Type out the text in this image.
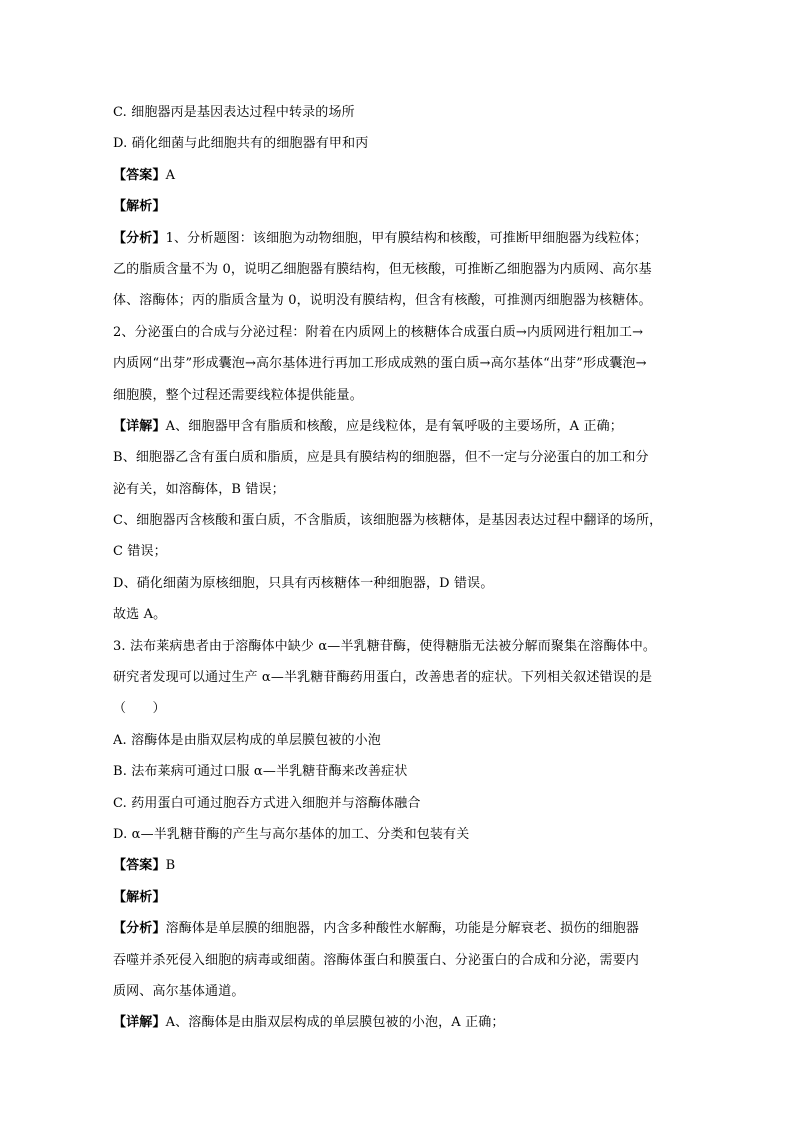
C. 细胞器丙是基因表达过程中转录的场所
D. 硝化细菌与此细胞共有的细胞器有甲和丙
【答案】A
【解析】
【分析】1、分析题图：该细胞为动物细胞，甲有膜结构和核酸，可推断甲细胞器为线粒体；
乙的脂质含量不为 0，说明乙细胞器有膜结构，但无核酸，可推断乙细胞器为内质网、高尔基
体、溶酶体；丙的脂质含量为 0，说明没有膜结构，但含有核酸，可推测丙细胞器为核糖体。
2、分泌蛋白的合成与分泌过程：附着在内质网上的核糖体合成蛋白质→内质网进行粗加工→
内质网“出芽”形成囊泡→高尔基体进行再加工形成成熟的蛋白质→高尔基体“出芽”形成囊泡→
细胞膜，整个过程还需要线粒体提供能量。
【详解】A、细胞器甲含有脂质和核酸，应是线粒体，是有氧呼吸的主要场所，A 正确；
B、细胞器乙含有蛋白质和脂质，应是具有膜结构的细胞器，但不一定与分泌蛋白的加工和分
泌有关，如溶酶体，B 错误；
C、细胞器丙含核酸和蛋白质，不含脂质，该细胞器为核糖体，是基因表达过程中翻译的场所，
C 错误；
D、硝化细菌为原核细胞，只具有丙核糖体一种细胞器，D 错误。
故选 A。
3. 法布莱病患者由于溶酶体中缺少 α—半乳糖苷酶，使得糖脂无法被分解而聚集在溶酶体中。
研究者发现可以通过生产 α—半乳糖苷酶药用蛋白，改善患者的症状。下列相关叙述错误的是
（　　）
A. 溶酶体是由脂双层构成的单层膜包被的小泡
B. 法布莱病可通过口服 α—半乳糖苷酶来改善症状
C. 药用蛋白可通过胞吞方式进入细胞并与溶酶体融合
D. α—半乳糖苷酶的产生与高尔基体的加工、分类和包装有关
【答案】B
【解析】
【分析】溶酶体是单层膜的细胞器，内含多种酸性水解酶，功能是分解衰老、损伤的细胞器
吞噬并杀死侵入细胞的病毒或细菌。溶酶体蛋白和膜蛋白、分泌蛋白的合成和分泌，需要内
质网、高尔基体通道。
【详解】A、溶酶体是由脂双层构成的单层膜包被的小泡，A 正确；
